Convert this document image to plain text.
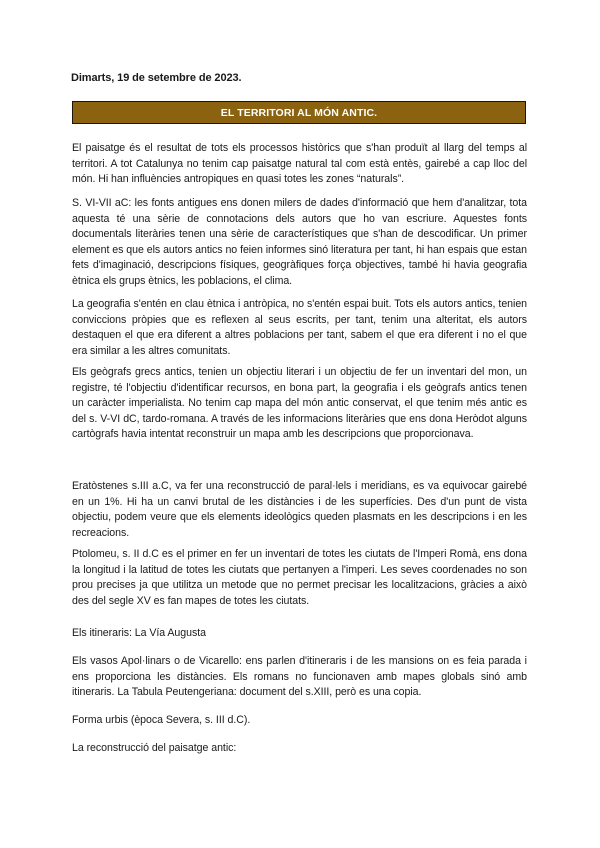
Dimarts, 19 de setembre de 2023.
EL TERRITORI AL MÓN ANTIC.
El paisatge és el resultat de tots els processos històrics que s'han produït al llarg del temps al territori. A tot Catalunya no tenim cap paisatge natural tal com està entès, gairebé a cap lloc del món. Hi han influències antropiques en quasi totes les zones “naturals”.
S. VI-VII aC: les fonts antigues ens donen milers de dades d'informació que hem d'analitzar, tota aquesta té una sèrie de connotacions dels autors que ho van escriure. Aquestes fonts documentals literàries tenen una sèrie de característiques que s'han de descodificar. Un primer element es que els autors antics no feien informes sinó literatura per tant, hi han espais que estan fets d'imaginació, descripcions físiques, geogràfiques força objectives, també hi havia geografia ètnica els grups ètnics, les poblacions, el clima.
La geografia s'entén en clau ètnica i antròpica, no s'entén espai buit. Tots els autors antics, tenien conviccions pròpies que es reflexen al seus escrits, per tant, tenim una alteritat, els autors destaquen el que era diferent a altres poblacions per tant, sabem el que era diferent i no el que era similar a les altres comunitats.
Els geògrafs grecs antics, tenien un objectiu literari i un objectiu de fer un inventari del mon, un registre, té l'objectiu d'identificar recursos, en bona part, la geografia i els geògrafs antics tenen un caràcter imperialista. No tenim cap mapa del món antic conservat, el que tenim més antic es del s. V-VI dC, tardo-romana. A través de les informacions literàries que ens dona Heròdot alguns cartògrafs havia intentat reconstruir un mapa amb les descripcions que proporcionava.
Eratòstenes s.III a.C, va fer una reconstrucció de paral·lels i meridians, es va equivocar gairebé en un 1%. Hi ha un canvi brutal de les distàncies i de les superfícies. Des d'un punt de vista objectiu, podem veure que els elements ideològics queden plasmats en les descripcions i en les recreacions.
Ptolomeu, s. II d.C es el primer en fer un inventari de totes les ciutats de l'Imperi Romà, ens dona la longitud i la latitud de totes les ciutats que pertanyen a l'imperi. Les seves coordenades no son prou precises ja que utilitza un metode que no permet precisar les localitzacions, gràcies a això des del segle XV es fan mapes de totes les ciutats.
Els itineraris: La Vía Augusta
Els vasos Apol·linars o de Vicarello: ens parlen d'itineraris i de les mansions on es feia parada i ens proporciona les distàncies. Els romans no funcionaven amb mapes globals sinó amb itineraris. La Tabula Peutengeriana: document del s.XIII, però es una copia.
Forma urbis (època Severa, s. III d.C).
La reconstrucció del paisatge antic:
